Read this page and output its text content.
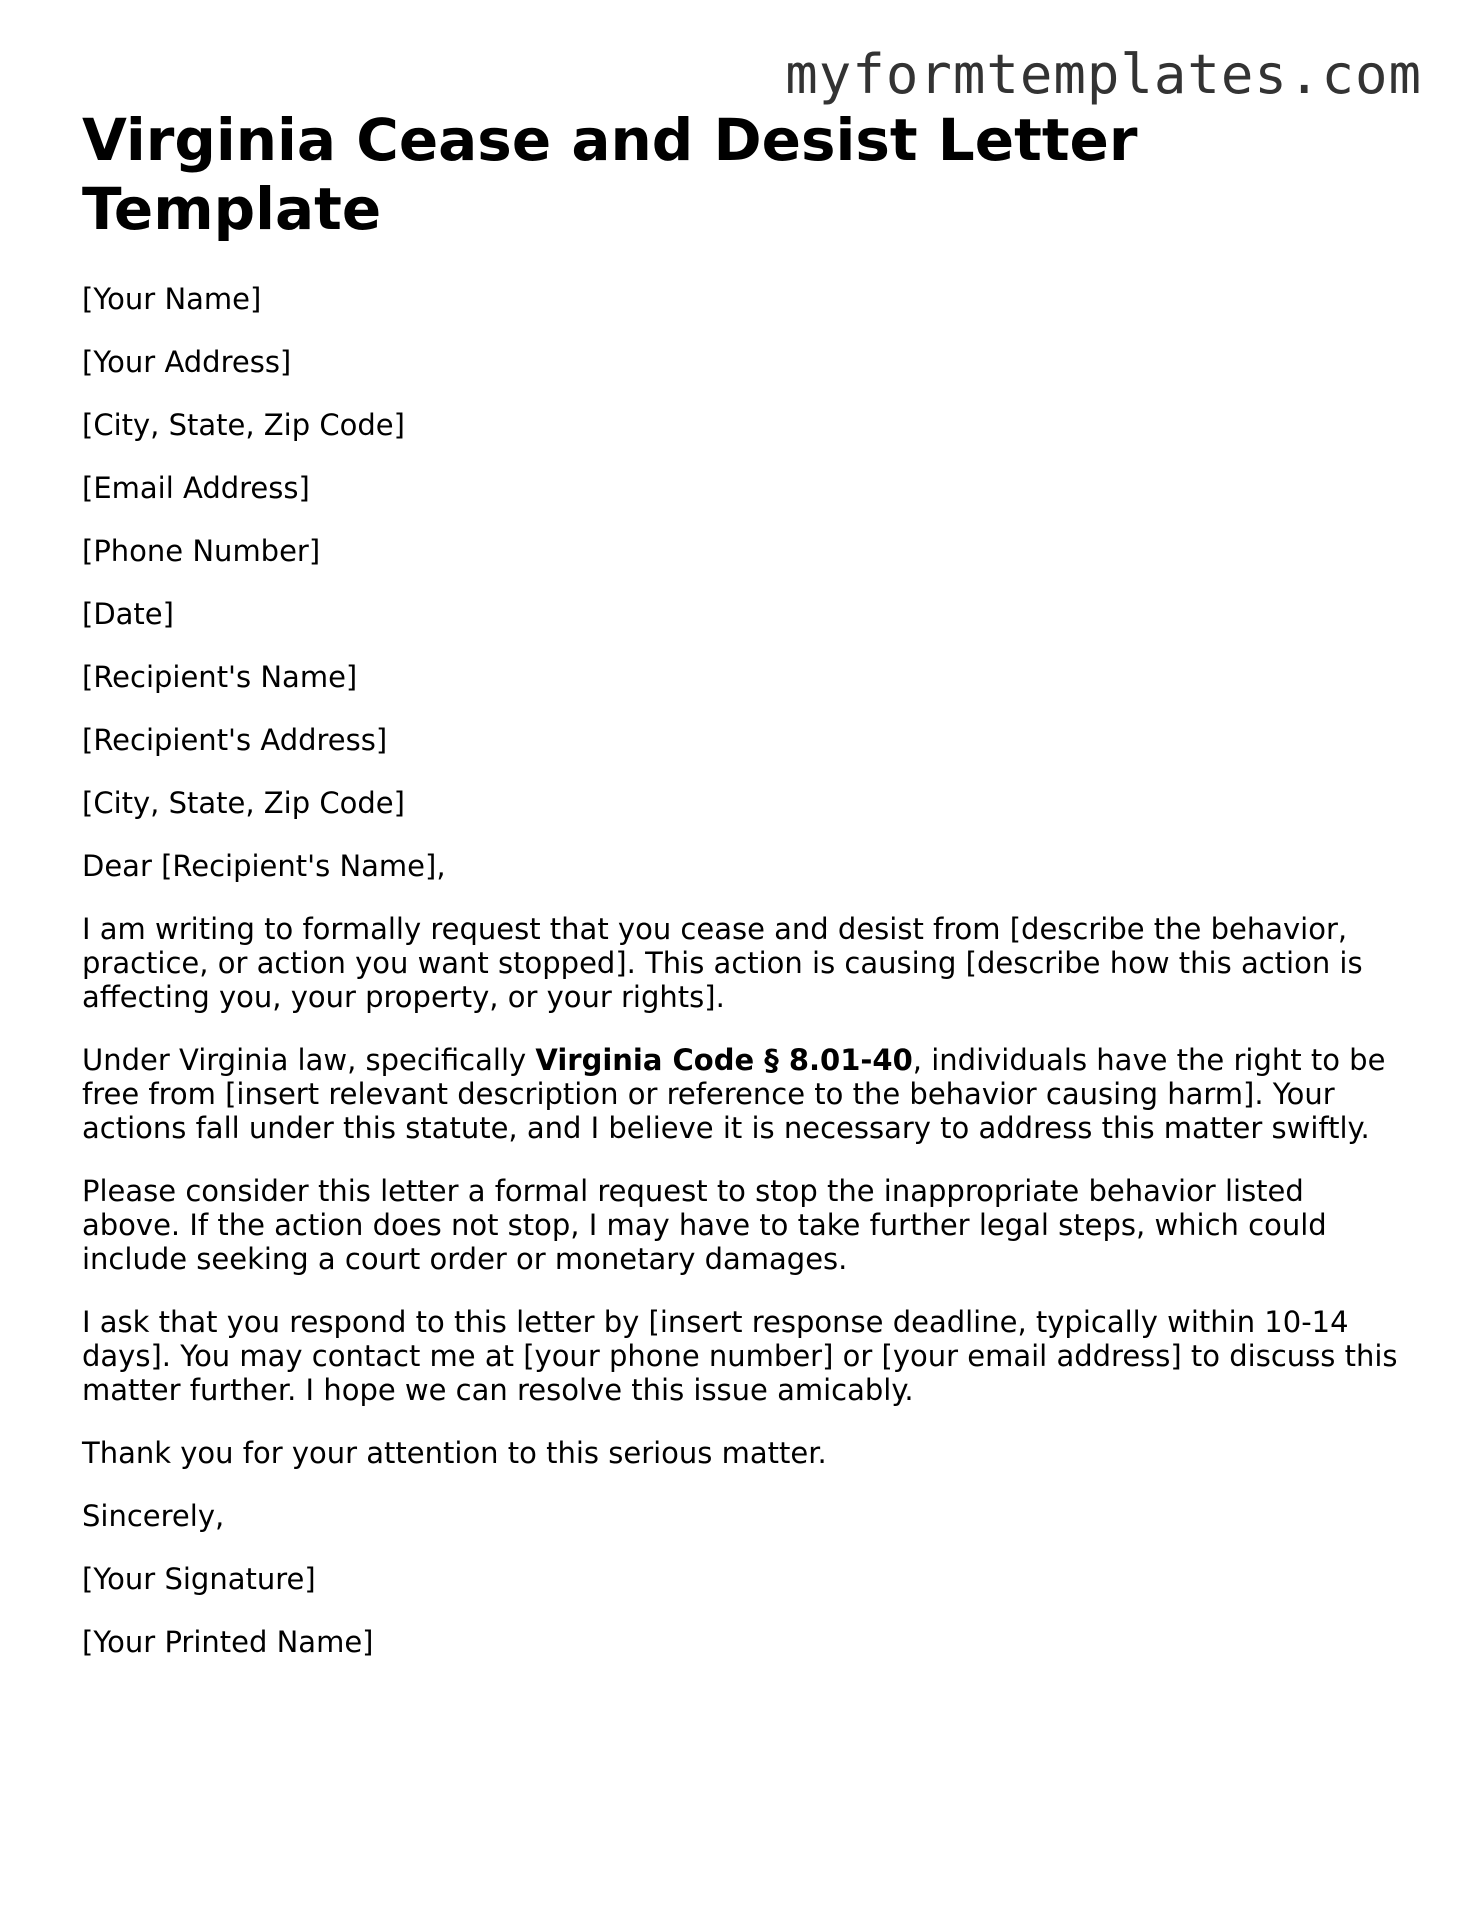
myformtemplates.com
Virginia Cease and Desist Letter Template

[Your Name]

[Your Address]

[City, State, Zip Code]

[Email Address]

[Phone Number]

[Date]

[Recipient's Name]

[Recipient's Address]

[City, State, Zip Code]

Dear [Recipient's Name],

I am writing to formally request that you cease and desist from [describe the behavior, practice, or action you want stopped]. This action is causing [describe how this action is affecting you, your property, or your rights].

Under Virginia law, specifically Virginia Code § 8.01-40, individuals have the right to be free from [insert relevant description or reference to the behavior causing harm]. Your actions fall under this statute, and I believe it is necessary to address this matter swiftly.

Please consider this letter a formal request to stop the inappropriate behavior listed above. If the action does not stop, I may have to take further legal steps, which could include seeking a court order or monetary damages.

I ask that you respond to this letter by [insert response deadline, typically within 10-14 days]. You may contact me at [your phone number] or [your email address] to discuss this matter further. I hope we can resolve this issue amicably.

Thank you for your attention to this serious matter.

Sincerely,

[Your Signature]

[Your Printed Name]
